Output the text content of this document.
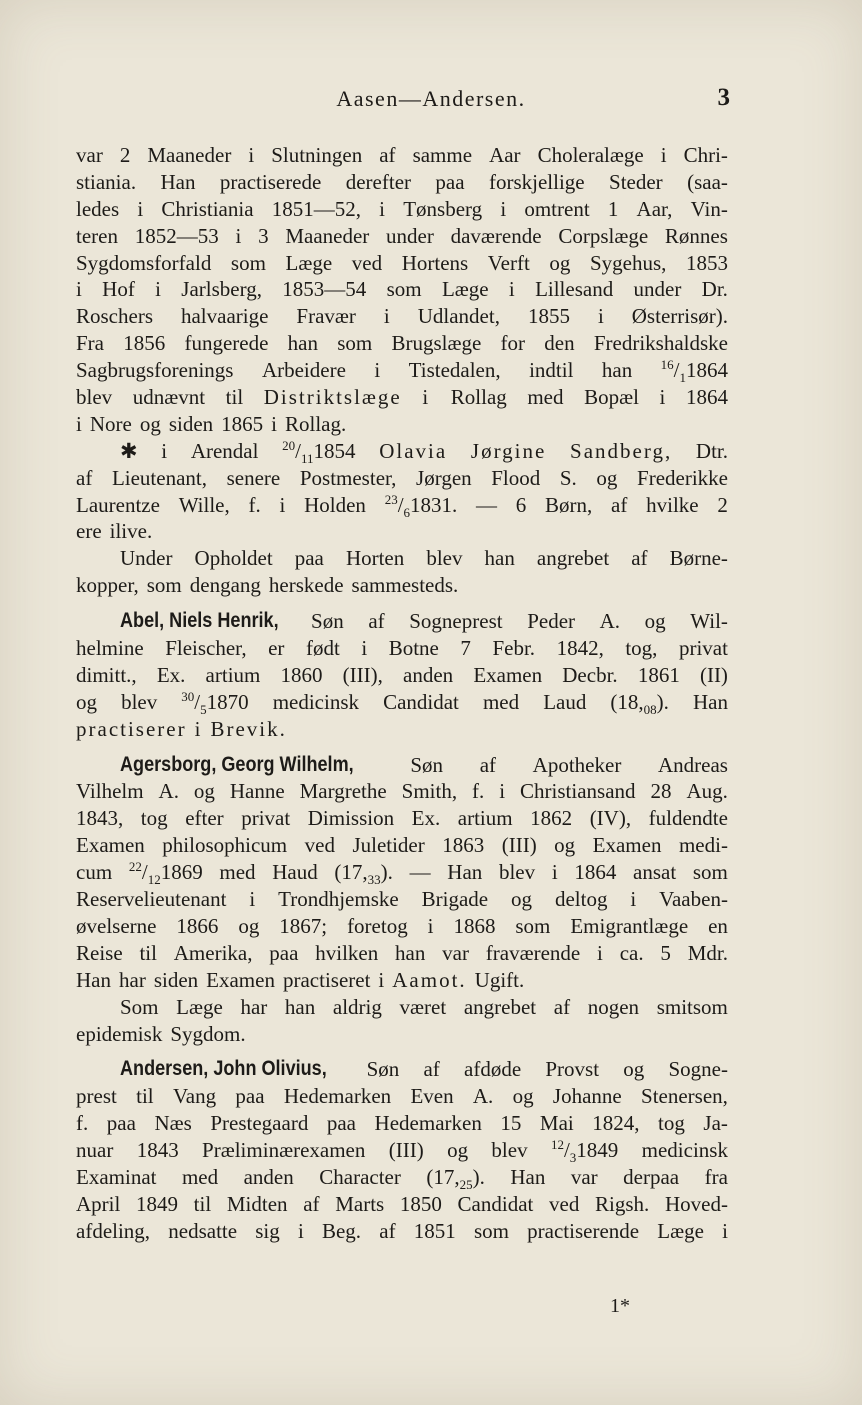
Aasen—Andersen.	3
var 2 Maaneder i Slutningen af samme Aar Choleralæge i Chri-
stiania. Han practiserede derefter paa forskjellige Steder (saa-
ledes i Christiania 1851—52, i Tønsberg i omtrent 1 Aar, Vin-
teren 1852—53 i 3 Maaneder under daværende Corpslæge Rønnes
Sygdomsforfald som Læge ved Hortens Verft og Sygehus, 1853
i Hof i Jarlsberg, 1853—54 som Læge i Lillesand under Dr.
Roschers halvaarige Fravær i Udlandet, 1855 i Østerrisør).
Fra 1856 fungerede han som Brugslæge for den Fredrikshaldske
Sagbrugsforenings Arbeidere i Tistedalen, indtil han $^{16}/_11864$
blev udnævnt til Distriktslæge i Rollag med Bopæl i 1864
i Nore og siden 1865 i Rollag.
✱ i Arendal $^{20}/_{11}1854$ Olavia Jørgine Sandberg, Dtr.
af Lieutenant, senere Postmester, Jørgen Flood S. og Frederikke
Laurentze Wille, f. i Holden $^{23}/_61831$. — 6 Børn, af hvilke 2
ere ilive.
Under Opholdet paa Horten blev han angrebet af Børne-
kopper, som dengang herskede sammesteds.
Abel, Niels Henrik, Søn af Sogneprest Peder A. og Wil-
helmine Fleischer, er født i Botne 7 Febr. 1842, tog, privat
dimitt., Ex. artium 1860 (III), anden Examen Decbr. 1861 (II)
og blev $^{30}/_51870$ medicinsk Candidat med Laud $(18,_{08})$. Han
practiserer i Brevik.
Agersborg, Georg Wilhelm,	Søn af Apotheker Andreas
Vilhelm A. og Hanne Margrethe Smith, f. i Christiansand 28 Aug.
1843, tog efter privat Dimission Ex. artium 1862 (IV), fuldendte
Examen philosophicum ved Juletider 1863 (III) og Examen medi-
cum $^{22}/_{12}1869$ med Haud $(17,_{33})$. — Han blev i 1864 ansat som
Reservelieutenant i Trondhjemske Brigade og deltog i Vaaben-
øvelserne 1866 og 1867; foretog i 1868 som Emigrantlæge en
Reise til Amerika, paa hvilken han var fraværende i ca. 5 Mdr.
Han har siden Examen practiseret i Aamot. Ugift.
Som Læge har han aldrig været angrebet af nogen smitsom
epidemisk Sygdom.
Andersen, John Olivius, Søn af afdøde Provst og Sogne-
prest til Vang paa Hedemarken Even A. og Johanne Stenersen,
f. paa Næs Prestegaard paa Hedemarken 15 Mai 1824, tog Ja-
nuar 1843 Præliminærexamen (III) og blev $^{12}/_31849$ medicinsk
Examinat med anden Character $(17,_{25})$. Han var derpaa fra
April 1849 til Midten af Marts 1850 Candidat ved Rigsh. Hoved-
afdeling, nedsatte sig i Beg. af 1851 som practiserende Læge i
1*
